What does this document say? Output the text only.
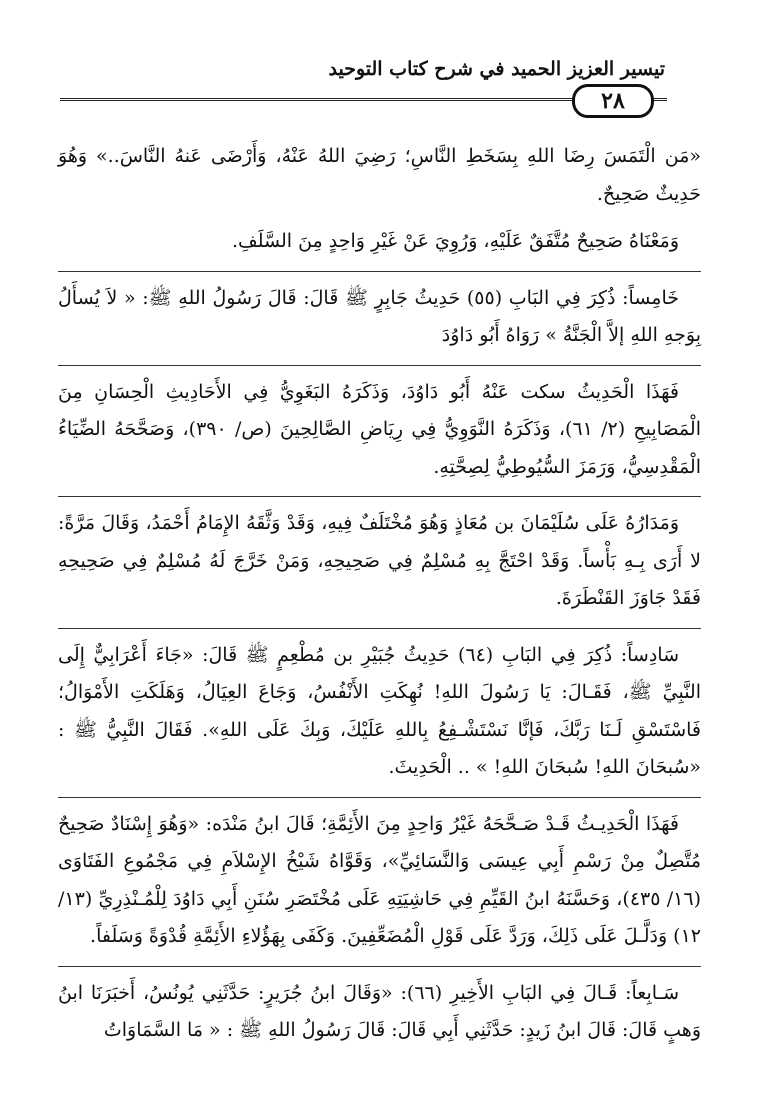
تيسير العزيز الحميد في شرح كتاب التوحيد
٢٨

«مَن الْتَمَسَ رِضَا اللهِ بِسَخَطِ النَّاسِ؛ رَضِيَ اللهُ عَنْهُ، وَأَرْضَى عَنهُ النَّاسَ..» وَهُوَ حَدِيثٌ صَحِيحٌ.

وَمَعْنَاهُ صَحِيحٌ مُتَّفَقٌ عَلَيْهِ، وَرُوِيَ عَنْ غَيْرِ وَاحِدٍ مِنَ السَّلَفِ.

خَامِساً: ذُكِرَ فِي البَابِ (٥٥) حَدِيثُ جَابِرٍ ﷺ قَالَ: قَالَ رَسُولُ اللهِ ﷺ: « لاَ يُسأَلُ بِوَجهِ اللهِ إلاَّ الْجَنَّةُ » رَوَاهُ أَبُو دَاوُدَ

فَهَذَا الْحَدِيثُ سكت عَنْهُ أَبُو دَاوُدَ، وَذَكَرَهُ البَغَوِيُّ فِي الأَحَادِيثِ الْحِسَانِ مِنَ الْمَصَابِيحِ (٢/ ٦١)، وَذَكَرَهُ النَّوَوِيُّ فِي رِيَاضِ الصَّالِحِينَ (ص/ ٣٩٠)، وَصَحَّحَهُ الضِّيَاءُ الْمَقْدِسِيُّ، وَرَمَزَ السُّيُوطِيُّ لِصِحَّتِهِ.

وَمَدَارُهُ عَلَى سُلَيْمَانَ بن مُعَاذٍ وَهُوَ مُخْتَلَفٌ فِيهِ، وَقَدْ وَثَّقَهُ الإِمَامُ أَحْمَدُ، وَقَالَ مَرَّةً: لا أَرَى بِـهِ بَأْساً. وَقَدْ احْتَجَّ بِهِ مُسْلِمٌ فِي صَحِيحِهِ، وَمَنْ خَرَّجَ لَهُ مُسْلِمٌ فِي صَحِيحِهِ فَقَدْ جَاوَزَ القَنْطَرَةَ.

سَادِساً: ذُكِرَ فِي البَابِ (٦٤) حَدِيثُ جُبَيْرِ بن مُطْعِمٍ ﷺ قَالَ: «جَاءَ أَعْرَابِيٌّ إِلَى النَّبِيِّ ﷺ، فَقَـالَ: يَا رَسُولَ اللهِ! نُهِكَتِ الأَنْفُسُ، وَجَاعَ العِيَالُ، وَهَلَكَتِ الأَمْوَالُ؛ فَاسْتَسْقِ لَـنَا رَبَّكَ، فَإنَّا نَسْتَشْـفِعُ بِاللهِ عَلَيْكَ، وَبِكَ عَلَى اللهِ». فَقَالَ النَّبِيُّ ﷺ : «سُبحَانَ اللهِ! سُبحَانَ اللهِ! » .. الْحَدِيثَ.

فَهَذَا الْحَدِيـثُ قَـدْ صَـحَّحَهُ غَيْرُ وَاحِدٍ مِنَ الأَئِمَّةِ؛ قَالَ ابنُ مَنْدَه: «وَهُوَ إِسْنَادٌ صَحِيحٌ مُتَّصِلٌ مِنْ رَسْمِ أَبِي عِيسَى وَالنَّسَائِيِّ»، وَقَوَّاهُ شَيْخُ الإِسْلاَمِ فِي مَجْمُوعِ الفَتَاوَى (١٦/ ٤٣٥)، وَحَسَّنَهُ ابنُ القَيِّمِ فِي حَاشِيَتِهِ عَلَى مُخْتَصَرِ سُنَنِ أَبِي دَاوُدَ لِلْمُـنْذِرِيِّ (١٣/ ١٢) وَدَلَّـلَ عَلَى ذَلِكَ، وَرَدَّ عَلَى قَوْلِ الْمُضَعِّفِينَ. وَكَفَى بِهَؤُلاءِ الأَئِمَّةِ قُدْوَةً وَسَلَفاً.

سَـابِعاً: قَـالَ فِي البَابِ الأَخِيرِ (٦٦): «وَقَالَ ابنُ جُرَيرٍ: حَدَّثَنِي يُونُسُ، أَخبَرَنَا ابنُ وَهبٍ قَالَ: قَالَ ابنُ زَيدٍ: حَدَّثَنِي أَبِي قَالَ: قَالَ رَسُولُ اللهِ ﷺ : « مَا السَّمَاوَاتُ
